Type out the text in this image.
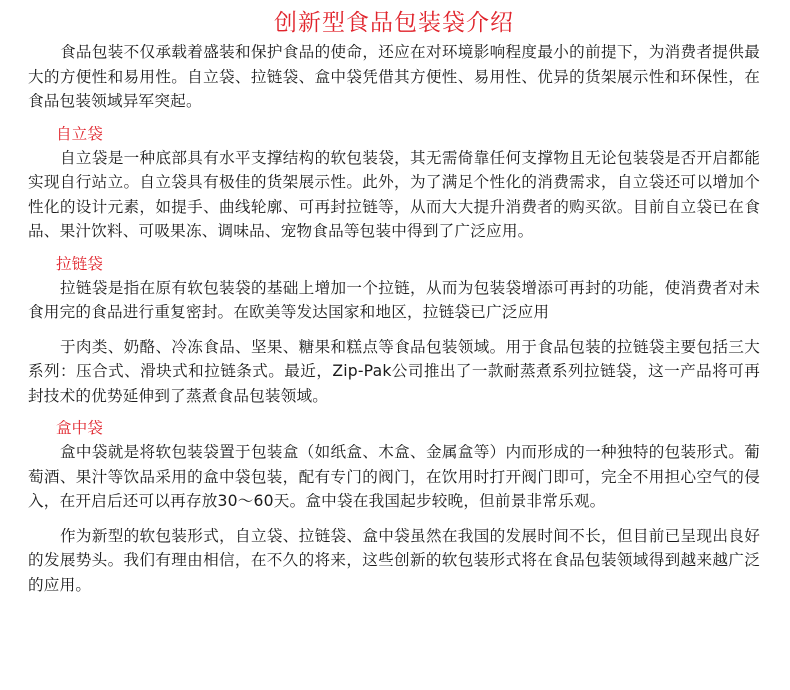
创新型食品包装袋介绍

食品包装不仅承载着盛装和保护食品的使命，还应在对环境影响程度最小的前提下，为消费者提供最大的方便性和易用性。自立袋、拉链袋、盒中袋凭借其方便性、易用性、优异的货架展示性和环保性，在食品包装领域异军突起。

自立袋

自立袋是一种底部具有水平支撑结构的软包装袋，其无需倚靠任何支撑物且无论包装袋是否开启都能实现自行站立。自立袋具有极佳的货架展示性。此外，为了满足个性化的消费需求，自立袋还可以增加个性化的设计元素，如提手、曲线轮廓、可再封拉链等，从而大大提升消费者的购买欲。目前自立袋已在食品、果汁饮料、可吸果冻、调味品、宠物食品等包装中得到了广泛应用。

拉链袋

拉链袋是指在原有软包装袋的基础上增加一个拉链，从而为包装袋增添可再封的功能，使消费者对未食用完的食品进行重复密封。在欧美等发达国家和地区，拉链袋已广泛应用

于肉类、奶酪、冷冻食品、坚果、糖果和糕点等食品包装领域。用于食品包装的拉链袋主要包括三大系列：压合式、滑块式和拉链条式。最近，Zip-Pak公司推出了一款耐蒸煮系列拉链袋，这一产品将可再封技术的优势延伸到了蒸煮食品包装领域。

盒中袋

盒中袋就是将软包装袋置于包装盒（如纸盒、木盒、金属盒等）内而形成的一种独特的包装形式。葡萄酒、果汁等饮品采用的盒中袋包装，配有专门的阀门，在饮用时打开阀门即可，完全不用担心空气的侵入，在开启后还可以再存放30～60天。盒中袋在我国起步较晚，但前景非常乐观。

作为新型的软包装形式，自立袋、拉链袋、盒中袋虽然在我国的发展时间不长，但目前已呈现出良好的发展势头。我们有理由相信，在不久的将来，这些创新的软包装形式将在食品包装领域得到越来越广泛的应用。
